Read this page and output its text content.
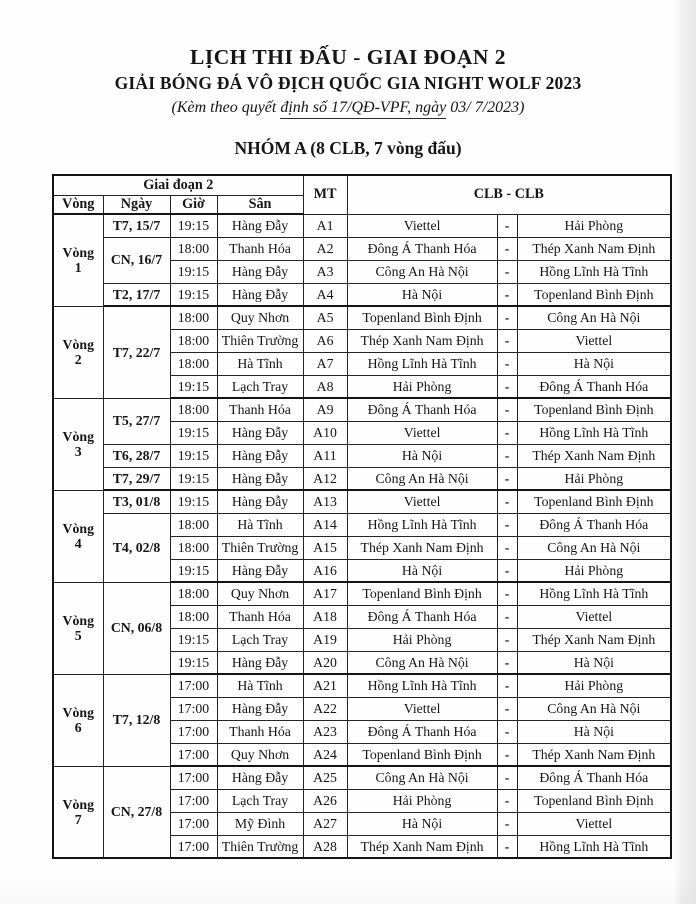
LỊCH THI ĐẤU - GIAI ĐOẠN 2
GIẢI BÓNG ĐÁ VÔ ĐỊCH QUỐC GIA NIGHT WOLF 2023

(Kèm theo quyết định số 17/QĐ-VPF, ngày 03/ 7/2023)

NHÓM A (8 CLB, 7 vòng đấu)
Giai đoạn 2				MT	CLB - CLB		
Vòng	Ngày	Giờ	Sân				

Vòng
1	T7, 15/7	19:15	Hàng Đẫy	A1	Viettel	-	Hải Phòng
	CN, 16/7	18:00	Thanh Hóa	A2	Đông Á Thanh Hóa	-	Thép Xanh Nam Định
		19:15	Hàng Đẫy	A3	Công An Hà Nội	-	Hồng Lĩnh Hà Tĩnh
	T2, 17/7	19:15	Hàng Đẫy	A4	Hà Nội	-	Topenland Bình Định

Vòng
2	T7, 22/7	18:00	Quy Nhơn	A5	Topenland Bình Định	-	Công An Hà Nội
		18:00	Thiên Trường	A6	Thép Xanh Nam Định	-	Viettel
		18:00	Hà Tĩnh	A7	Hồng Lĩnh Hà Tĩnh	-	Hà Nội
		19:15	Lạch Tray	A8	Hải Phòng	-	Đông Á Thanh Hóa

Vòng
3	T5, 27/7	18:00	Thanh Hóa	A9	Đông Á Thanh Hóa	-	Topenland Bình Định
		19:15	Hàng Đẫy	A10	Viettel	-	Hồng Lĩnh Hà Tĩnh
	T6, 28/7	19:15	Hàng Đẫy	A11	Hà Nội	-	Thép Xanh Nam Định
	T7, 29/7	19:15	Hàng Đẫy	A12	Công An Hà Nội	-	Hải Phòng

Vòng
4	T3, 01/8	19:15	Hàng Đẫy	A13	Viettel	-	Topenland Bình Định
	T4, 02/8	18:00	Hà Tĩnh	A14	Hồng Lĩnh Hà Tĩnh	-	Đông Á Thanh Hóa
		18:00	Thiên Trường	A15	Thép Xanh Nam Định	-	Công An Hà Nội
		19:15	Hàng Đẫy	A16	Hà Nội	-	Hải Phòng

Vòng
5	CN, 06/8	18:00	Quy Nhơn	A17	Topenland Bình Định	-	Hồng Lĩnh Hà Tĩnh
		18:00	Thanh Hóa	A18	Đông Á Thanh Hóa	-	Viettel
		19:15	Lạch Tray	A19	Hải Phòng	-	Thép Xanh Nam Định
		19:15	Hàng Đẫy	A20	Công An Hà Nội	-	Hà Nội

Vòng
6	T7, 12/8	17:00	Hà Tĩnh	A21	Hồng Lĩnh Hà Tĩnh	-	Hải Phòng
		17:00	Hàng Đẫy	A22	Viettel	-	Công An Hà Nội
		17:00	Thanh Hóa	A23	Đông Á Thanh Hóa	-	Hà Nội
		17:00	Quy Nhơn	A24	Topenland Bình Định	-	Thép Xanh Nam Định

Vòng
7	CN, 27/8	17:00	Hàng Đẫy	A25	Công An Hà Nội	-	Đông Á Thanh Hóa
		17:00	Lạch Tray	A26	Hải Phòng	-	Topenland Bình Định
		17:00	Mỹ Đình	A27	Hà Nội	-	Viettel
		17:00	Thiên Trường	A28	Thép Xanh Nam Định	-	Hồng Lĩnh Hà Tĩnh
